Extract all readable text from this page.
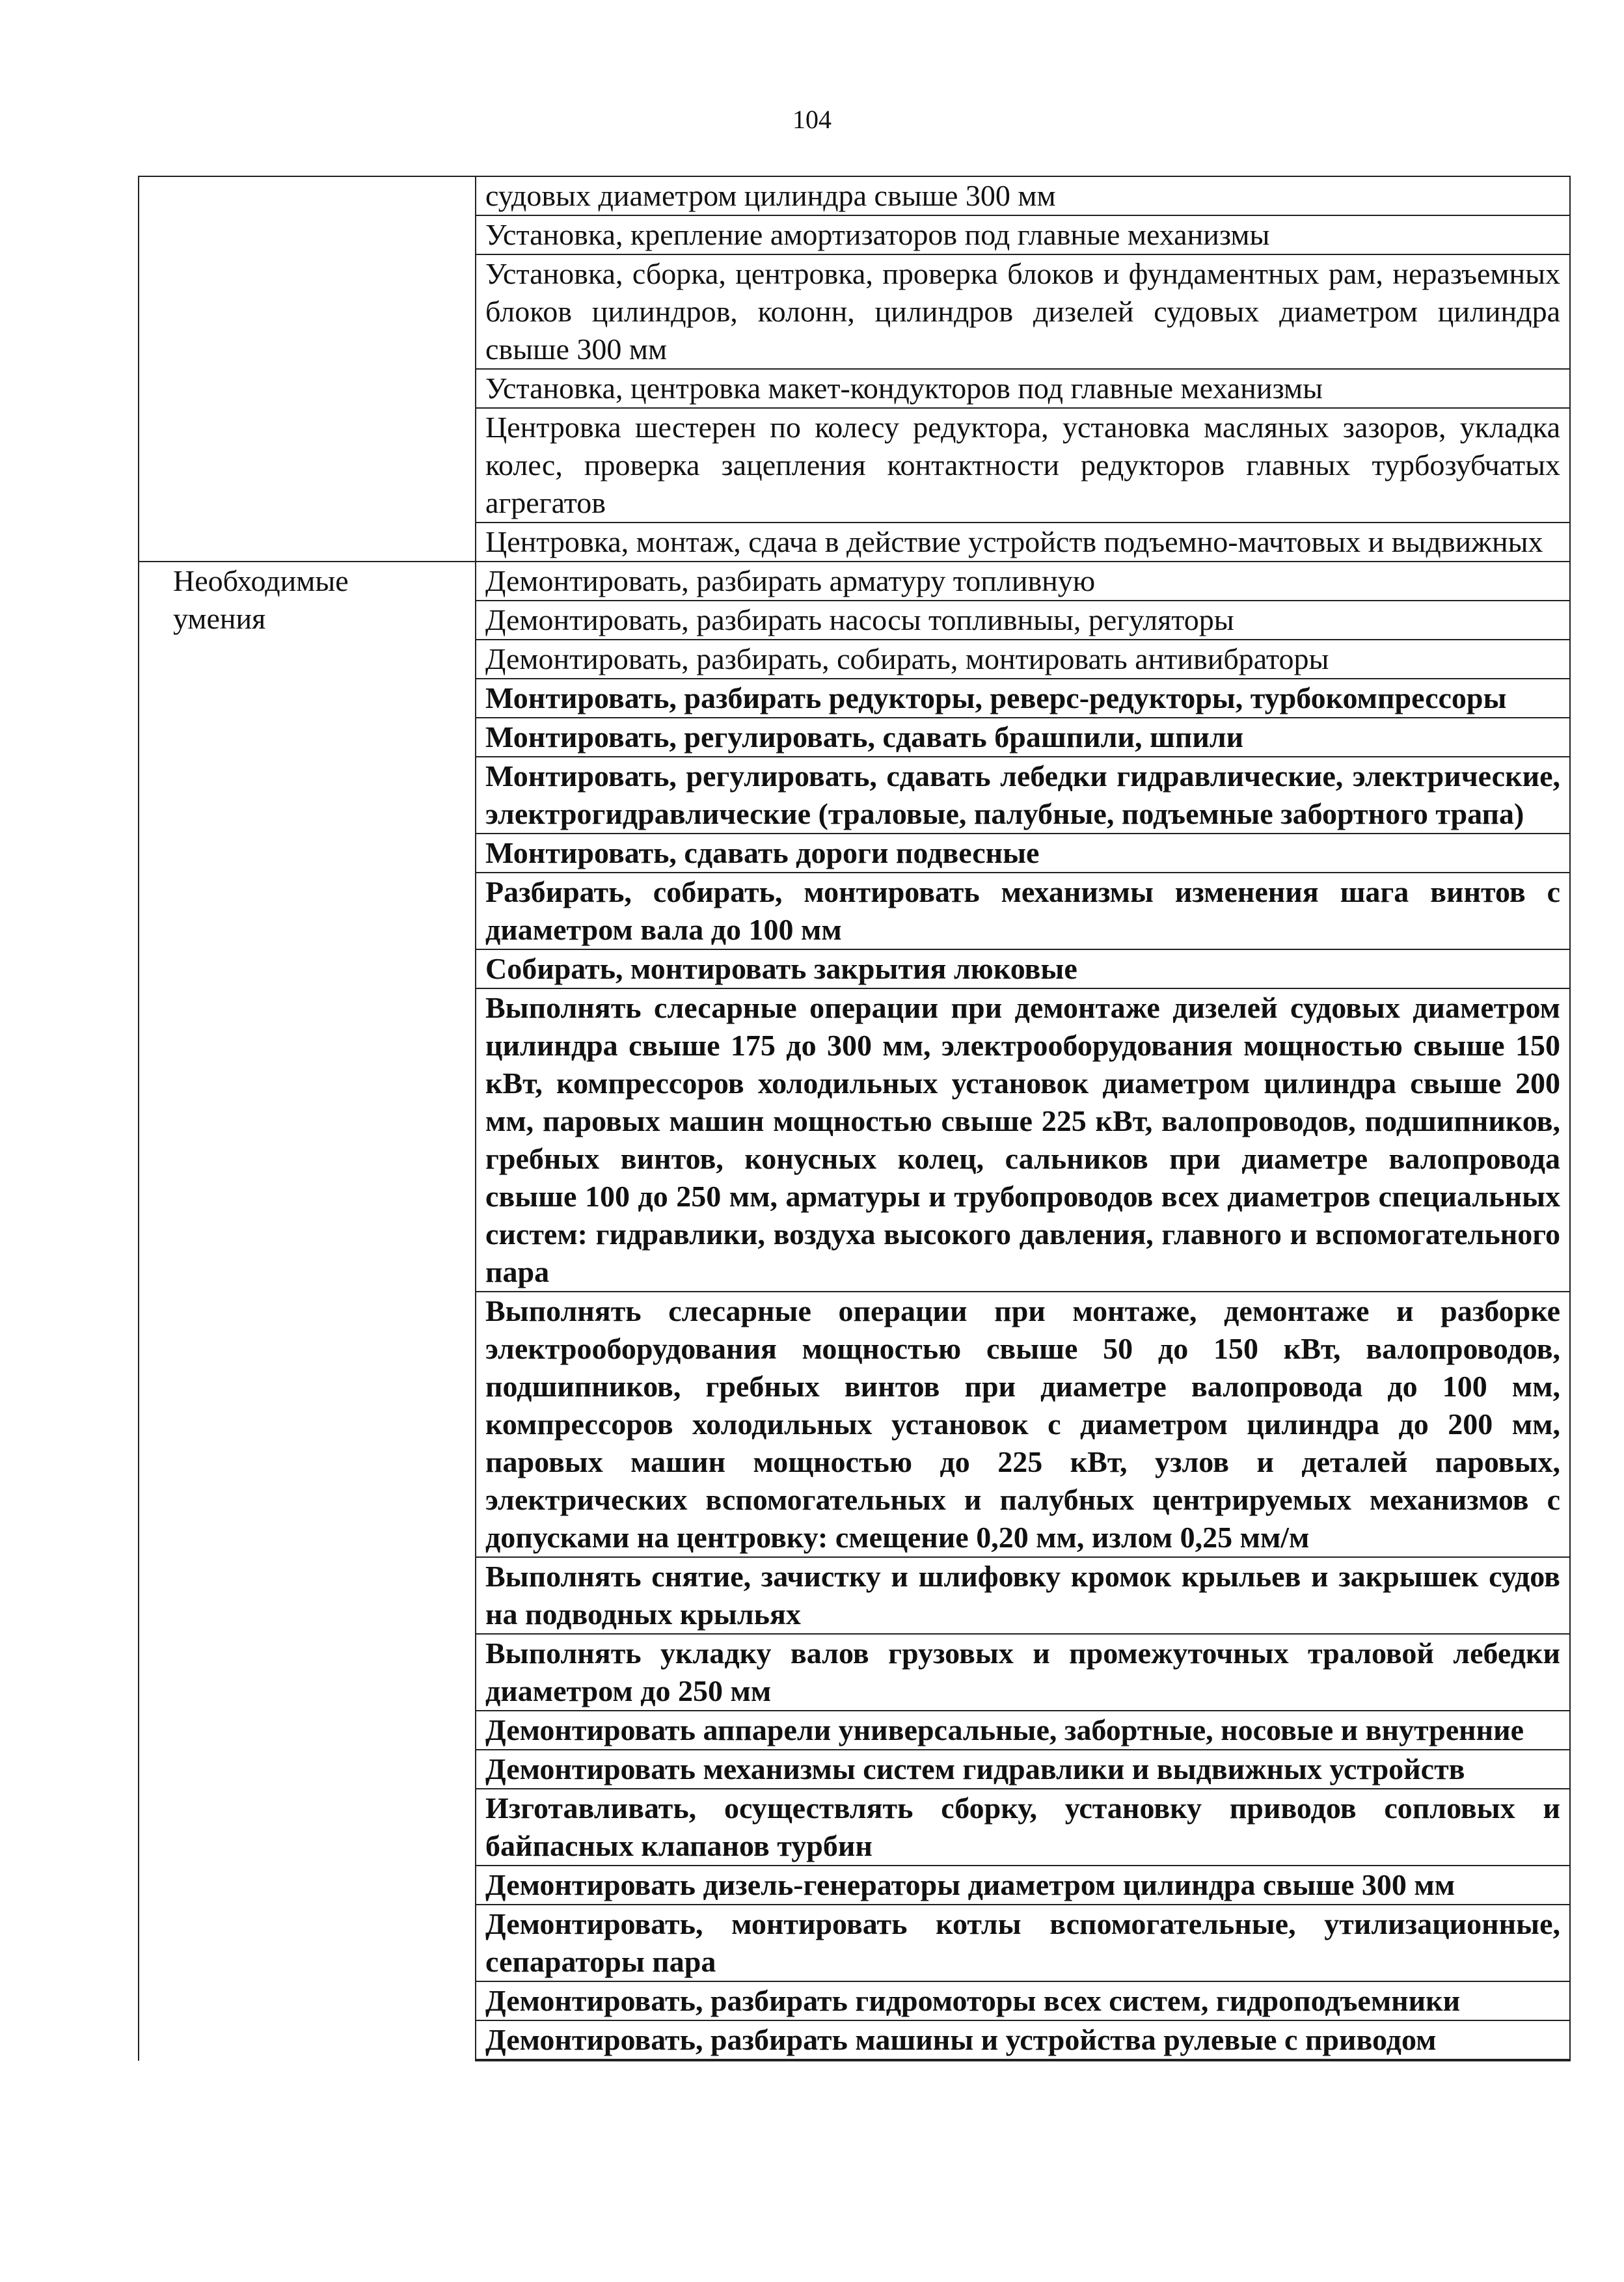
104
	судовых диаметром цилиндра свыше 300 мм
	Установка, крепление амортизаторов под главные механизмы
	Установка, сборка, центровка, проверка блоков и фундаментных рам, неразъемных блоков цилиндров, колонн, цилиндров дизелей судовых диаметром цилиндра свыше 300 мм
	Установка, центровка макет-кондукторов под главные механизмы
	Центровка шестерен по колесу редуктора, установка масляных зазоров, укладка колес, проверка зацепления контактности редукторов главных турбозубчатых агрегатов
	Центровка, монтаж, сдача в действие устройств подъемно-мачтовых и выдвижных

Необходимые
умения	Демонтировать, разбирать арматуру топливную
	Демонтировать, разбирать насосы топливныы, регуляторы
	Демонтировать, разбирать, собирать, монтировать антивибраторы
	Монтировать, разбирать редукторы, реверс-редукторы, турбокомпрессоры
	Монтировать, регулировать, сдавать брашпили, шпили
	Монтировать, регулировать, сдавать лебедки гидравлические, электрические, электрогидравлические (траловые, палубные, подъемные забортного трапа)
	Монтировать, сдавать дороги подвесные
	Разбирать, собирать, монтировать механизмы изменения шага винтов с диаметром вала до 100 мм
	Собирать, монтировать закрытия люковые
	Выполнять слесарные операции при демонтаже дизелей судовых диаметром цилиндра свыше 175 до 300 мм, электрооборудования мощностью свыше 150 кВт, компрессоров холодильных установок диаметром цилиндра свыше 200 мм, паровых машин мощностью свыше 225 кВт, валопроводов, подшипников, гребных винтов, конусных колец, сальников при диаметре валопровода свыше 100 до 250 мм, арматуры и трубопроводов всех диаметров специальных систем: гидравлики, воздуха высокого давления, главного и вспомогательного пара
	Выполнять слесарные операции при монтаже, демонтаже и разборке электрооборудования мощностью свыше 50 до 150 кВт, валопроводов, подшипников, гребных винтов при диаметре валопровода до 100 мм, компрессоров холодильных установок с диаметром цилиндра до 200 мм, паровых машин мощностью до 225 кВт, узлов и деталей паровых, электрических вспомогательных и палубных центрируемых механизмов с допусками на центровку: смещение 0,20 мм, излом 0,25 мм/м
	Выполнять снятие, зачистку и шлифовку кромок крыльев и закрышек судов на подводных крыльях
	Выполнять укладку валов грузовых и промежуточных траловой лебедки диаметром до 250 мм
	Демонтировать аппарели универсальные, забортные, носовые и внутренние
	Демонтировать механизмы систем гидравлики и выдвижных устройств
	Изготавливать, осуществлять сборку, установку приводов сопловых и байпасных клапанов турбин
	Демонтировать дизель-генераторы диаметром цилиндра свыше 300 мм
	Демонтировать, монтировать котлы вспомогательные, утилизационные, сепараторы пара
	Демонтировать, разбирать гидромоторы всех систем, гидроподъемники
	Демонтировать, разбирать машины и устройства рулевые с приводом
